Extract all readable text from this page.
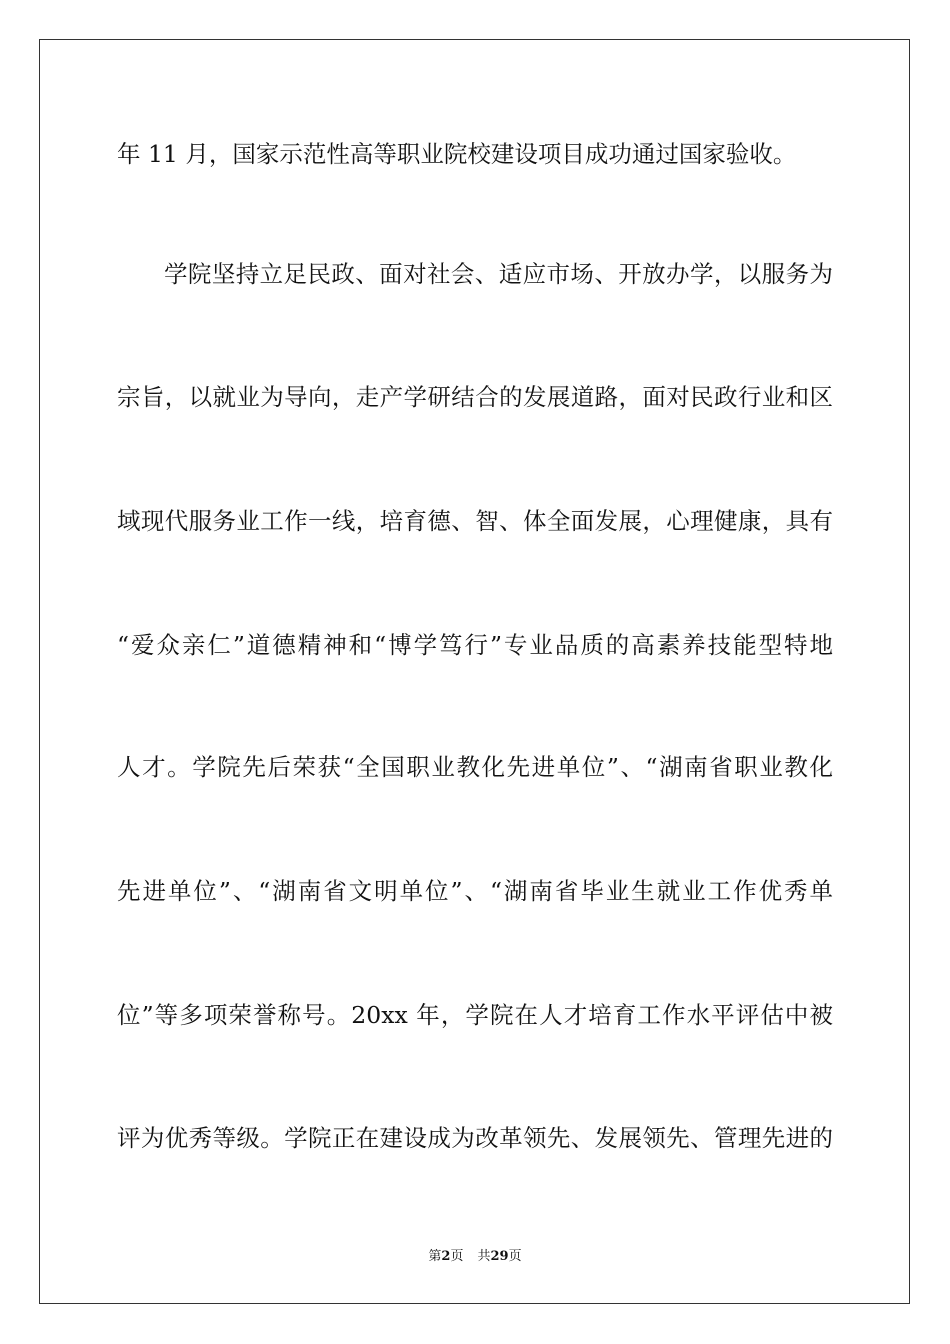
年 11 月，国家示范性高等职业院校建设项目成功通过国家验收。
学院坚持立足民政、面对社会、适应市场、开放办学，以服务为
宗旨，以就业为导向，走产学研结合的发展道路，面对民政行业和区
域现代服务业工作一线，培育德、智、体全面发展，心理健康，具有
“爱众亲仁”道德精神和“博学笃行”专业品质的高素养技能型特地
人才。学院先后荣获“全国职业教化先进单位”、“湖南省职业教化
先进单位”、“湖南省文明单位”、“湖南省毕业生就业工作优秀单
位”等多项荣誉称号。20xx 年，学院在人才培育工作水平评估中被
评为优秀等级。学院正在建设成为改革领先、发展领先、管理先进的
第2页 共29页
